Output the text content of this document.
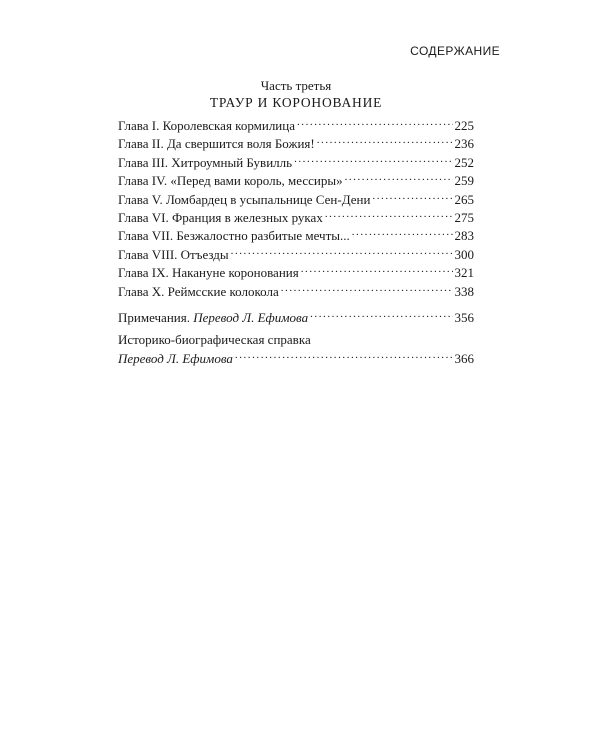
СОДЕРЖАНИЕ
Часть третья
ТРАУР И КОРОНОВАНИЕ
Глава I. Королевская кормилица . . .	225
Глава II. Да свершится воля Божия! . . .	236
Глава III. Хитроумный Бувилль . . .	252
Глава IV. «Перед вами король, мессиры» . . .	259
Глава V. Ломбардец в усыпальнице Сен-Дени . . .	265
Глава VI. Франция в железных руках . . .	275
Глава VII. Безжалостно разбитые мечты... . . .	283
Глава VIII. Отъезды . . .	300
Глава IX. Накануне коронования . . .	321
Глава X. Реймсские колокола . . .	338
Примечания. Перевод Л. Ефимова . . .	356
Историко-биографическая справка
Перевод Л. Ефимова . . .	366
